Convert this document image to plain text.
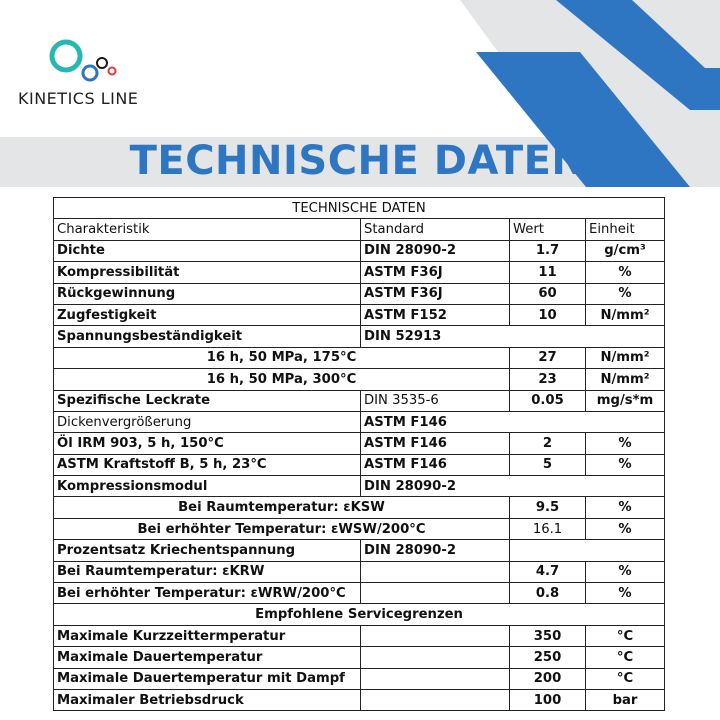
KINETICS LINE
TECHNISCHE DATEN
TECHNISCHE DATEN			
Charakteristik	Standard	Wert	Einheit
Dichte	DIN 28090-2	1.7	g/cm³
Kompressibilität	ASTM F36J	11	%
Rückgewinnung	ASTM F36J	60	%
Zugfestigkeit	ASTM F152	10	N/mm²
Spannungsbeständigkeit	DIN 52913		
16 h, 50 MPa, 175°C		27	N/mm²
16 h, 50 MPa, 300°C		23	N/mm²
Spezifische Leckrate	DIN 3535-6	0.05	mg/s*m
Dickenvergrößerung	ASTM F146		
Öl IRM 903, 5 h, 150°C	ASTM F146	2	%
ASTM Kraftstoff B, 5 h, 23°C	ASTM F146	5	%
Kompressionsmodul	DIN 28090-2		
Bei Raumtemperatur: εKSW		9.5	%
Bei erhöhter Temperatur: εWSW/200°C		16.1	%
Prozentsatz Kriechentspannung	DIN 28090-2		
Bei Raumtemperatur: εKRW		4.7	%
Bei erhöhter Temperatur: εWRW/200°C		0.8	%
Empfohlene Servicegrenzen			
Maximale Kurzzeittermperatur		350	°C
Maximale Dauertemperatur		250	°C
Maximale Dauertemperatur mit Dampf		200	°C
Maximaler Betriebsdruck		100	bar
